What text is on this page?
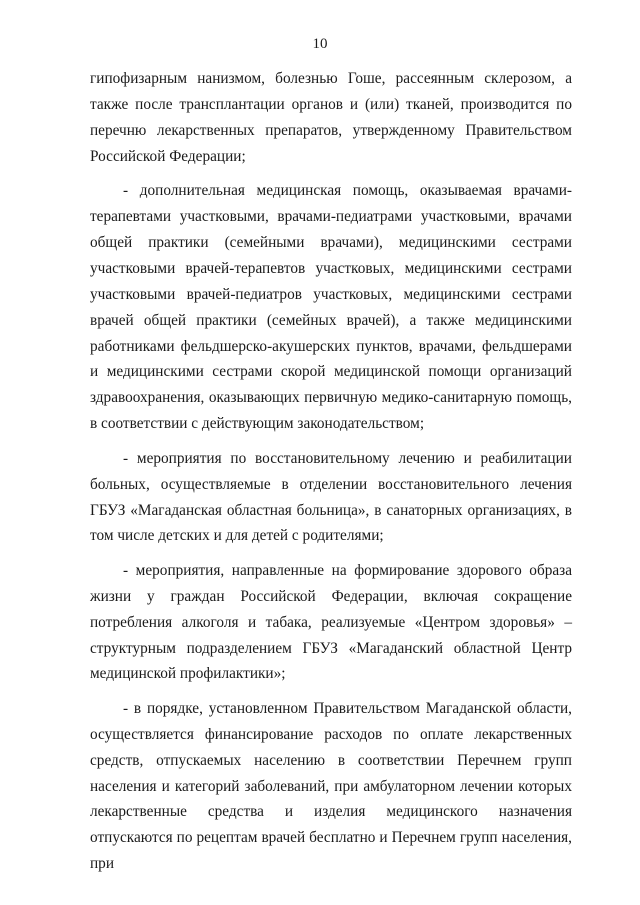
10

гипофизарным нанизмом, болезнью Гоше, рассеянным склерозом, а также после трансплантации органов и (или) тканей, производится по перечню лекарственных препаратов, утвержденному Правительством Российской Федерации;

- дополнительная медицинская помощь, оказываемая врачами-терапевтами участковыми, врачами-педиатрами участковыми, врачами общей практики (семейными врачами), медицинскими сестрами участковыми врачей-терапевтов участковых, медицинскими сестрами участковыми врачей-педиатров участковых, медицинскими сестрами врачей общей практики (семейных врачей), а также медицинскими работниками фельдшерско-акушерских пунктов, врачами, фельдшерами и медицинскими сестрами скорой медицинской помощи организаций здравоохранения, оказывающих первичную медико-санитарную помощь, в соответствии с действующим законодательством;

- мероприятия по восстановительному лечению и реабилитации больных, осуществляемые в отделении восстановительного лечения ГБУЗ «Магаданская областная больница», в санаторных организациях, в том числе детских и для детей с родителями;

- мероприятия, направленные на формирование здорового образа жизни у граждан Российской Федерации, включая сокращение потребления алкоголя и табака, реализуемые «Центром здоровья» – структурным подразделением ГБУЗ «Магаданский областной Центр медицинской профилактики»;

- в порядке, установленном Правительством Магаданской области, осуществляется финансирование расходов по оплате лекарственных средств, отпускаемых населению в соответствии Перечнем групп населения и категорий заболеваний, при амбулаторном лечении которых лекарственные средства и изделия медицинского назначения отпускаются по рецептам врачей бесплатно и Перечнем групп населения, при
